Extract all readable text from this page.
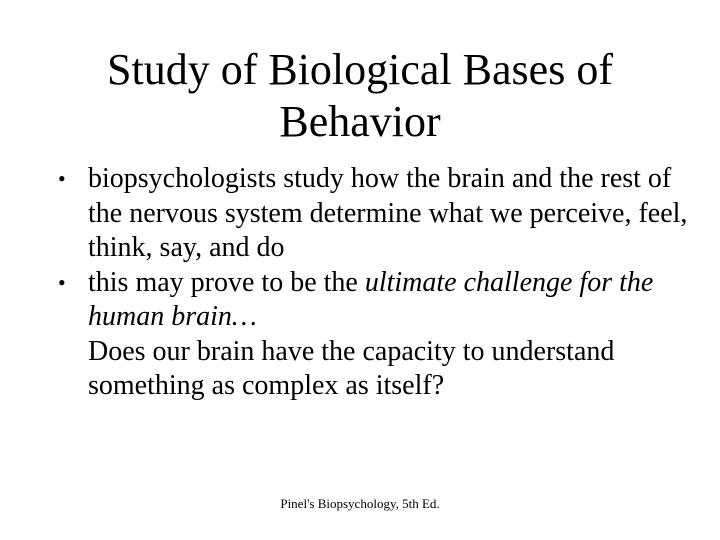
Study of Biological Bases of
Behavior
• biopsychologists study how the brain and the rest of the nervous system determine what we perceive, feel, think, say, and do
• this may prove to be the ultimate challenge for the human brain…
Does our brain have the capacity to understand something as complex as itself?
Pinel's Biopsychology, 5th Ed.
